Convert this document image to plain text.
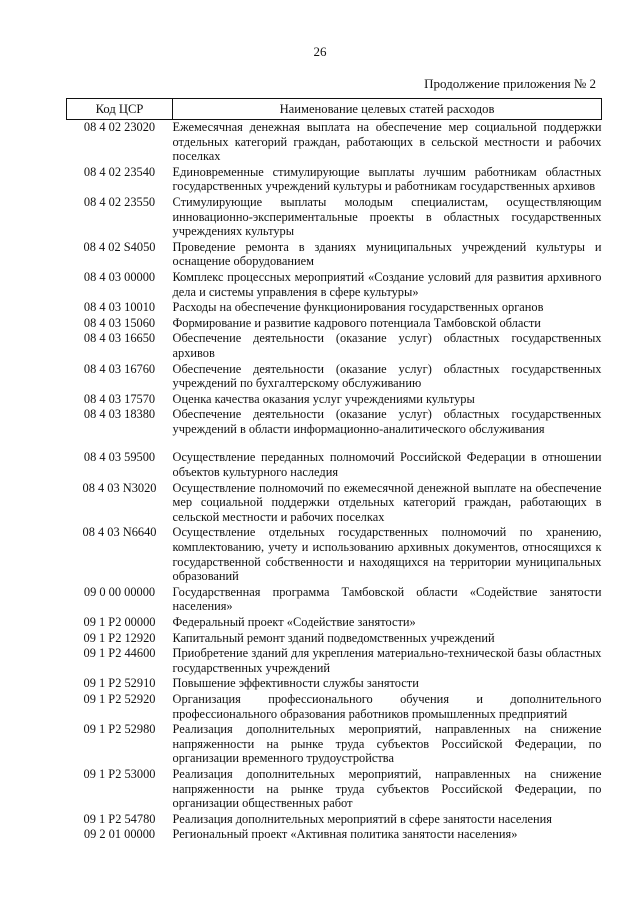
26
Продолжение приложения № 2
Код ЦСР	Наименование целевых статей расходов
08 4 02 23020	Ежемесячная денежная выплата на обеспечение мер социальной поддержки отдельных категорий граждан, работающих в сельской местности и рабочих поселках
08 4 02 23540	Единовременные стимулирующие выплаты лучшим работникам областных государственных учреждений культуры и работникам государственных архивов
08 4 02 23550	Стимулирующие выплаты молодым специалистам, осуществляющим инновационно-экспериментальные проекты в областных государственных учреждениях культуры
08 4 02 S4050	Проведение ремонта в зданиях муниципальных учреждений культуры и оснащение оборудованием
08 4 03 00000	Комплекс процессных мероприятий «Создание условий для развития архивного дела и системы управления в сфере культуры»
08 4 03 10010	Расходы на обеспечение функционирования государственных органов
08 4 03 15060	Формирование и развитие кадрового потенциала Тамбовской области
08 4 03 16650	Обеспечение деятельности (оказание услуг) областных государственных архивов
08 4 03 16760	Обеспечение деятельности (оказание услуг) областных государственных учреждений по бухгалтерскому обслуживанию
08 4 03 17570	Оценка качества оказания услуг учреждениями культуры
08 4 03 18380	Обеспечение деятельности (оказание услуг) областных государственных учреждений в области информационно-аналитического обслуживания
08 4 03 59500	Осуществление переданных полномочий Российской Федерации в отношении объектов культурного наследия
08 4 03 N3020	Осуществление полномочий по ежемесячной денежной выплате на обеспечение мер социальной поддержки отдельных категорий граждан, работающих в сельской местности и рабочих поселках
08 4 03 N6640	Осуществление отдельных государственных полномочий по хранению, комплектованию, учету и использованию архивных документов, относящихся к государственной собственности и находящихся на территории муниципальных образований
09 0 00 00000	Государственная программа Тамбовской области «Содействие занятости населения»
09 1 P2 00000	Федеральный проект «Содействие занятости»
09 1 P2 12920	Капитальный ремонт зданий подведомственных учреждений
09 1 P2 44600	Приобретение зданий для укрепления материально-технической базы областных государственных учреждений
09 1 P2 52910	Повышение эффективности службы занятости
09 1 P2 52920	Организация профессионального обучения и дополнительного профессионального образования работников промышленных предприятий
09 1 P2 52980	Реализация дополнительных мероприятий, направленных на снижение напряженности на рынке труда субъектов Российской Федерации, по организации временного трудоустройства
09 1 P2 53000	Реализация дополнительных мероприятий, направленных на снижение напряженности на рынке труда субъектов Российской Федерации, по организации общественных работ
09 1 P2 54780	Реализация дополнительных мероприятий в сфере занятости населения
09 2 01 00000	Региональный проект «Активная политика занятости населения»
